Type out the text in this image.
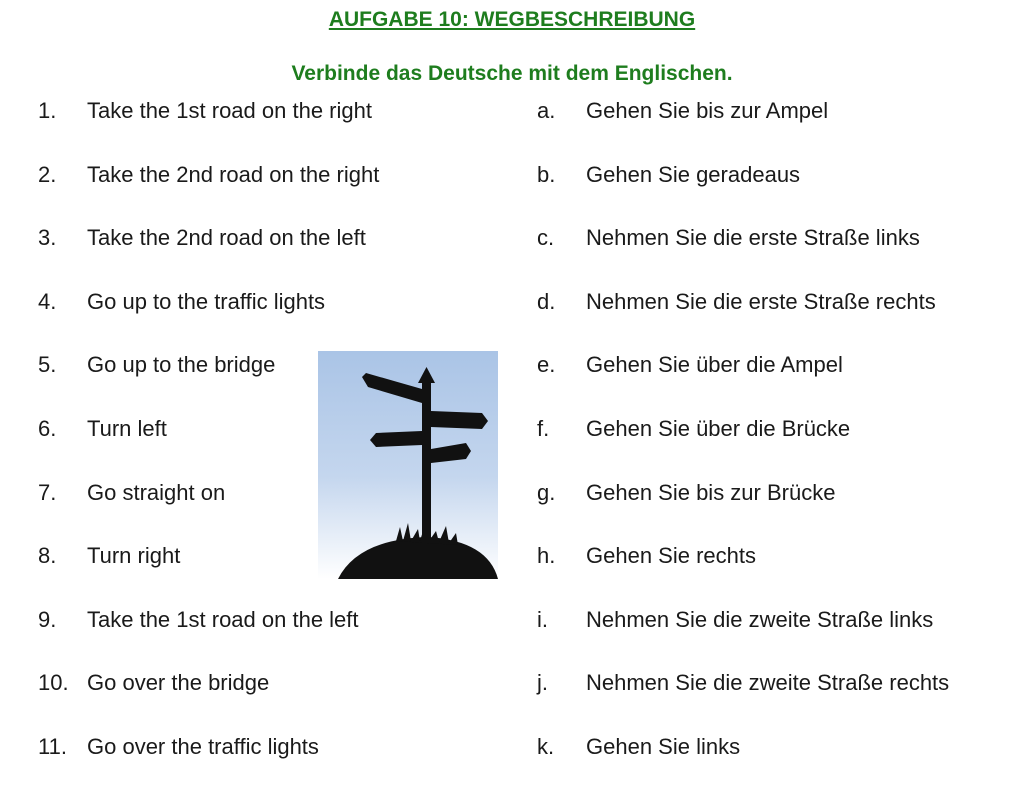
AUFGABE 10: WEGBESCHREIBUNG
Verbinde das Deutsche mit dem Englischen.
1.	Take the 1st road on the right
2.	Take the 2nd road on the right
3.	Take the 2nd road on the left
4.	Go up to the traffic lights
5.	Go up to the bridge
6.	Turn left
7.	Go straight on
8.	Turn right
9.	Take the 1st road on the left
10. Go over the bridge
11. Go over the traffic lights
a.	Gehen Sie bis zur Ampel
b.	Gehen Sie geradeaus
c.	Nehmen Sie die erste Straße links
d.	Nehmen Sie die erste Straße rechts
e.	Gehen Sie über die Ampel
f.	Gehen Sie über die Brücke
g.	Gehen Sie bis zur Brücke
h.	Gehen Sie rechts
i.	Nehmen Sie die zweite Straße links
j.	Nehmen Sie die zweite Straße rechts
k.	Gehen Sie links
